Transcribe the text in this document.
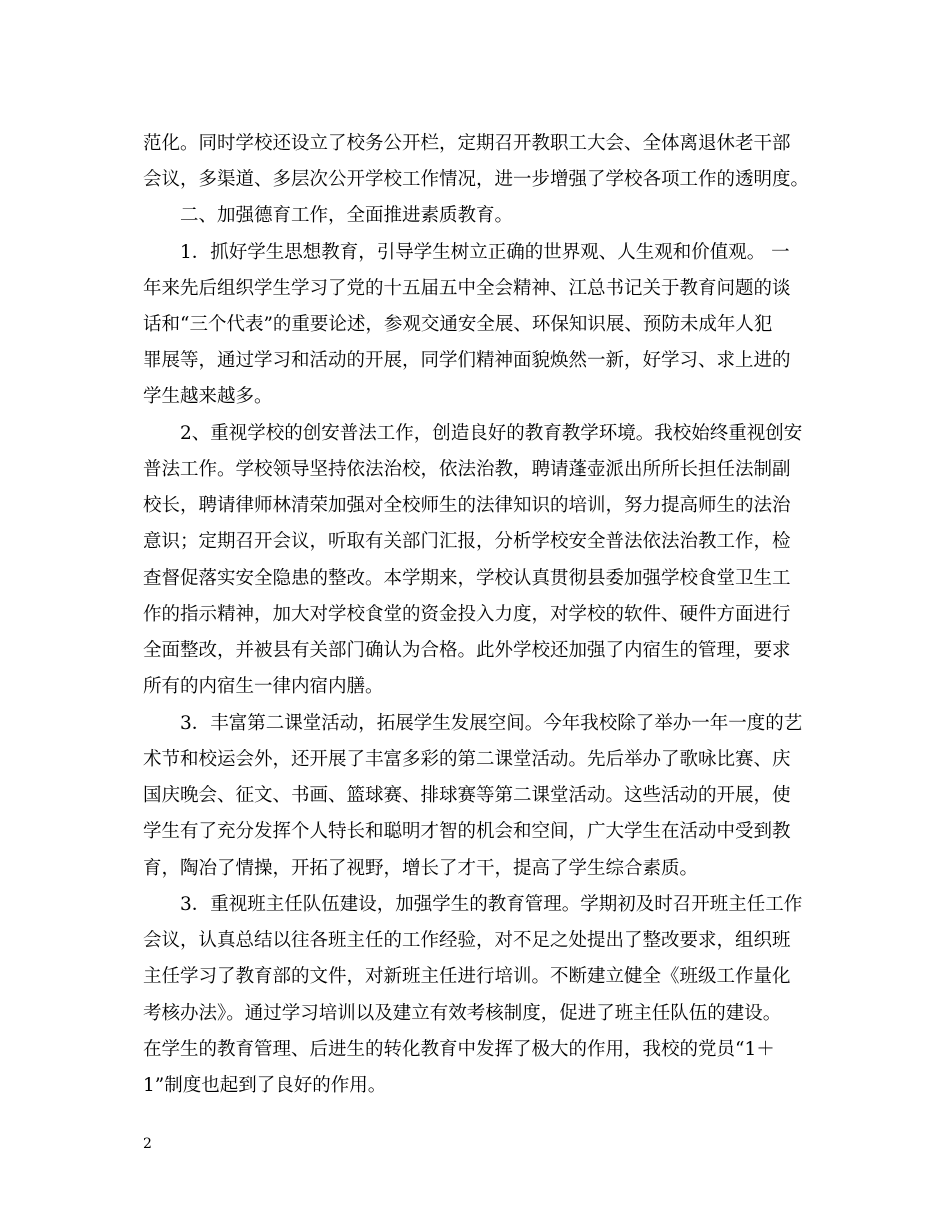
范化。同时学校还设立了校务公开栏，定期召开教职工大会、全体离退休老干部
会议，多渠道、多层次公开学校工作情况，进一步增强了学校各项工作的透明度。
二、加强德育工作，全面推进素质教育。
1．抓好学生思想教育，引导学生树立正确的世界观、人生观和价值观。 一
年来先后组织学生学习了党的十五届五中全会精神、江总书记关于教育问题的谈
话和“三个代表”的重要论述，参观交通安全展、环保知识展、预防未成年人犯
罪展等，通过学习和活动的开展，同学们精神面貌焕然一新，好学习、求上进的
学生越来越多。
2、重视学校的创安普法工作，创造良好的教育教学环境。我校始终重视创安
普法工作。学校领导坚持依法治校，依法治教，聘请蓬壶派出所所长担任法制副
校长，聘请律师林清荣加强对全校师生的法律知识的培训，努力提高师生的法治
意识；定期召开会议，听取有关部门汇报，分析学校安全普法依法治教工作，检
查督促落实安全隐患的整改。本学期来，学校认真贯彻县委加强学校食堂卫生工
作的指示精神，加大对学校食堂的资金投入力度，对学校的软件、硬件方面进行
全面整改，并被县有关部门确认为合格。此外学校还加强了内宿生的管理，要求
所有的内宿生一律内宿内膳。
3．丰富第二课堂活动，拓展学生发展空间。今年我校除了举办一年一度的艺
术节和校运会外，还开展了丰富多彩的第二课堂活动。先后举办了歌咏比赛、庆
国庆晚会、征文、书画、篮球赛、排球赛等第二课堂活动。这些活动的开展，使
学生有了充分发挥个人特长和聪明才智的机会和空间，广大学生在活动中受到教
育，陶冶了情操，开拓了视野，增长了才干，提高了学生综合素质。
3．重视班主任队伍建设，加强学生的教育管理。学期初及时召开班主任工作
会议，认真总结以往各班主任的工作经验，对不足之处提出了整改要求，组织班
主任学习了教育部的文件，对新班主任进行培训。不断建立健全《班级工作量化
考核办法》。通过学习培训以及建立有效考核制度，促进了班主任队伍的建设。
在学生的教育管理、后进生的转化教育中发挥了极大的作用，我校的党员“1＋
1”制度也起到了良好的作用。
2
